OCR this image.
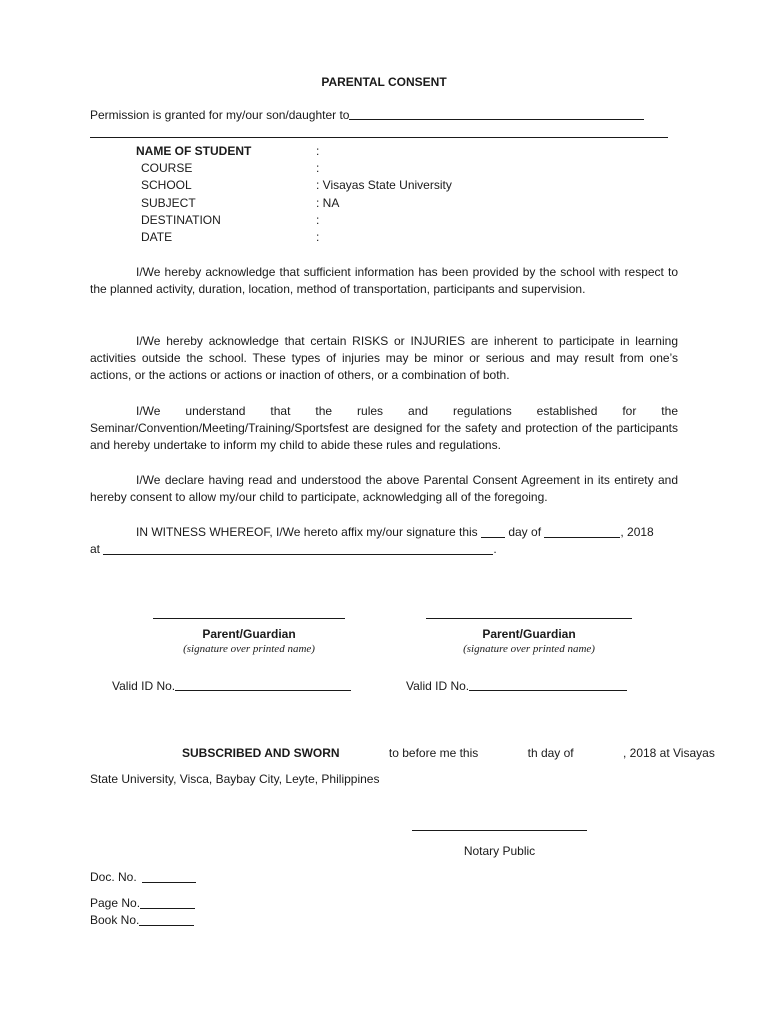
PARENTAL CONSENT
Permission is granted for my/our son/daughter to
NAME OF STUDENT	:
COURSE	:
SCHOOL	: Visayas State University
SUBJECT	: NA
DESTINATION	:
DATE	:

I/We hereby acknowledge that sufficient information has been provided by the school with respect to the planned activity, duration, location, method of transportation, participants and supervision.

I/We hereby acknowledge that certain RISKS or INJURIES are inherent to participate in learning activities outside the school. These types of injuries may be minor or serious and may result from one’s actions, or the actions or actions or inaction of others, or a combination of both.

I/We understand that the rules and regulations established for the Seminar/Convention/Meeting/Training/Sportsfest are designed for the safety and protection of the participants and hereby undertake to inform my child to abide these rules and regulations.

I/We declare having read and understood the above Parental Consent Agreement in its entirety and hereby consent to allow my/our child to participate, acknowledging all of the foregoing.

IN WITNESS WHEREOF, I/We hereto affix my/our signature this day of	, 2018
at	.
Parent/Guardian
(signature over printed name)
Parent/Guardian
(signature over printed name)
Valid ID No.	Valid ID No.

SUBSCRIBED AND SWORN	to before me this	th day of	, 2018 at Visayas

State University, Visca, Baybay City, Leyte, Philippines

Notary Public
Doc. No.
Page No.
Book No.
